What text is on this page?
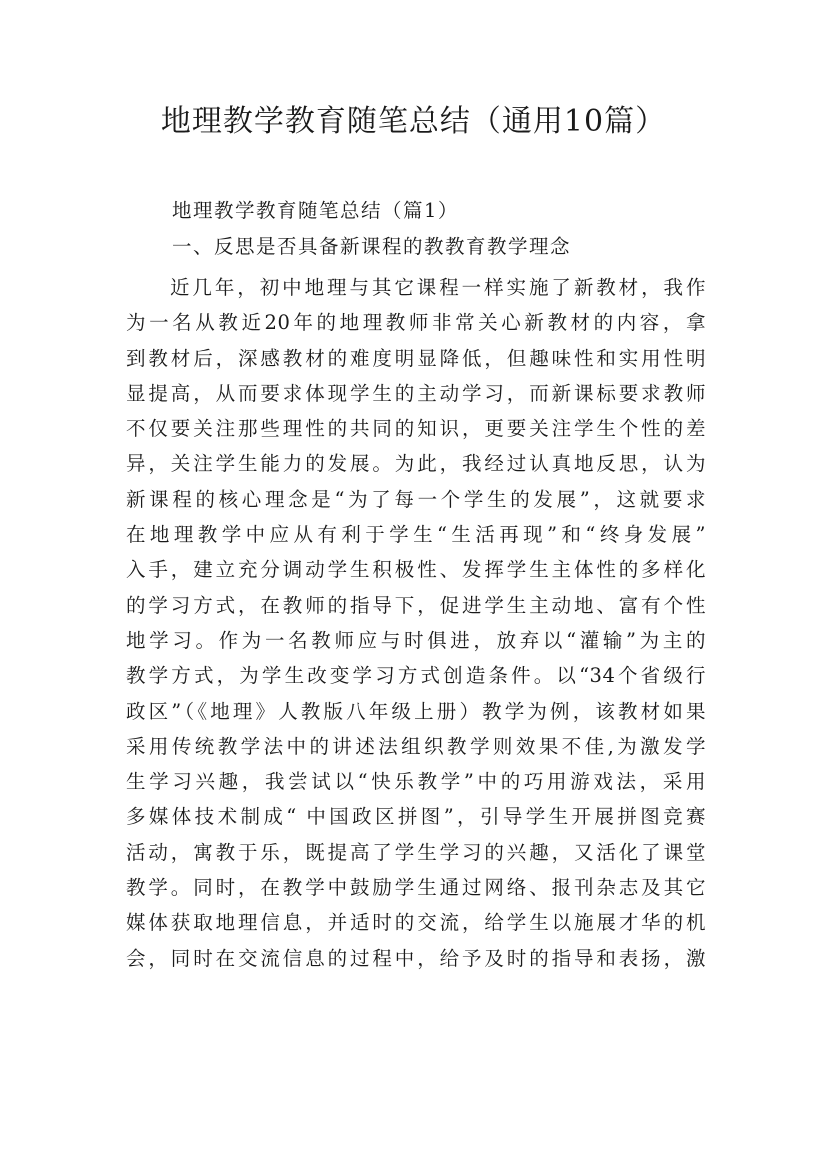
地理教学教育随笔总结（通用10篇）
地理教学教育随笔总结（篇1）
一、反思是否具备新课程的教教育教学理念
近几年，初中地理与其它课程一样实施了新教材，我作
为一名从教近20年的地理教师非常关心新教材的内容，拿
到教材后，深感教材的难度明显降低，但趣味性和实用性明
显提高，从而要求体现学生的主动学习，而新课标要求教师
不仅要关注那些理性的共同的知识，更要关注学生个性的差
异，关注学生能力的发展。为此，我经过认真地反思，认为
新课程的核心理念是“为了每一个学生的发展”，这就要求
在地理教学中应从有利于学生“生活再现”和“终身发展”
入手，建立充分调动学生积极性、发挥学生主体性的多样化
的学习方式，在教师的指导下，促进学生主动地、富有个性
地学习。作为一名教师应与时俱进，放弃以“灌输”为主的
教学方式，为学生改变学习方式创造条件。以“34个省级行
政区”（《地理》人教版八年级上册）教学为例，该教材如果
采用传统教学法中的讲述法组织教学则效果不佳,为激发学
生学习兴趣，我尝试以“快乐教学”中的巧用游戏法，采用
多媒体技术制成“ 中国政区拼图”，引导学生开展拼图竞赛
活动，寓教于乐，既提高了学生学习的兴趣，又活化了课堂
教学。同时，在教学中鼓励学生通过网络、报刊杂志及其它
媒体获取地理信息，并适时的交流，给学生以施展才华的机
会，同时在交流信息的过程中，给予及时的指导和表扬，激
